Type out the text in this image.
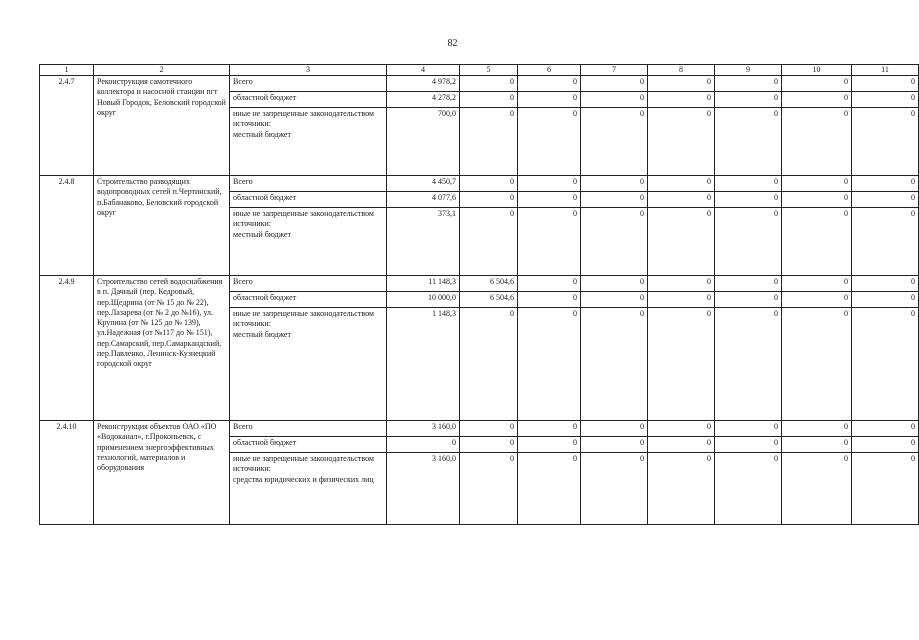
82
1	2	3	4	5	6	7	8	9	10	11
2.4.7	Реконструкция самотечного коллектора и насосной станции пгт Новый Городок, Беловский городской округ	Всего	4 978,2	0	0	0	0	0	0	0

		областной бюджет	4 278,2	0	0	0	0	0	0	0

		иные не запрещенные законодательством источники:
местный бюджет	700,0	0	0	0	0	0	0	0
2.4.8	Строительство разводящих водопроводных сетей п.Чертинский, п.Бабанаково, Беловский городской округ	Всего	4 450,7	0	0	0	0	0	0	0

		областной бюджет	4 077,6	0	0	0	0	0	0	0

		иные не запрещенные законодательством источники:
местный бюджет	373,1	0	0	0	0	0	0	0
2.4.9	Строительство сетей водоснабжения в п. Дачный (пер. Кедровый, пер.Щедрина (от № 15 до № 22), пер.Лазарева (от № 2 до №16), ул. Крупина (от № 125 до № 139), ул.Надежная (от №117 до № 151), пер.Самарский, пер.Самаркандский, пер.Павленко, Ленинск-Кузнецкий городской округ	Всего	11 148,3	6 504,6	0	0	0	0	0	0

		областной бюджет	10 000,0	6 504,6	0	0	0	0	0	0

		иные не запрещенные законодательством источники:
местный бюджет	1 148,3	0	0	0	0	0	0	0
2.4.10	Реконструкция объектов ОАО «ПО «Водоканал», г.Прокопьевск, с применением энергоэффективных технологий, материалов и оборудования	Всего	3 160,0	0	0	0	0	0	0	0

		областной бюджет	0	0	0	0	0	0	0	0

		иные не запрещенные законодательством источники:
средства юридических и физических лиц	3 160,0	0	0	0	0	0	0	0
